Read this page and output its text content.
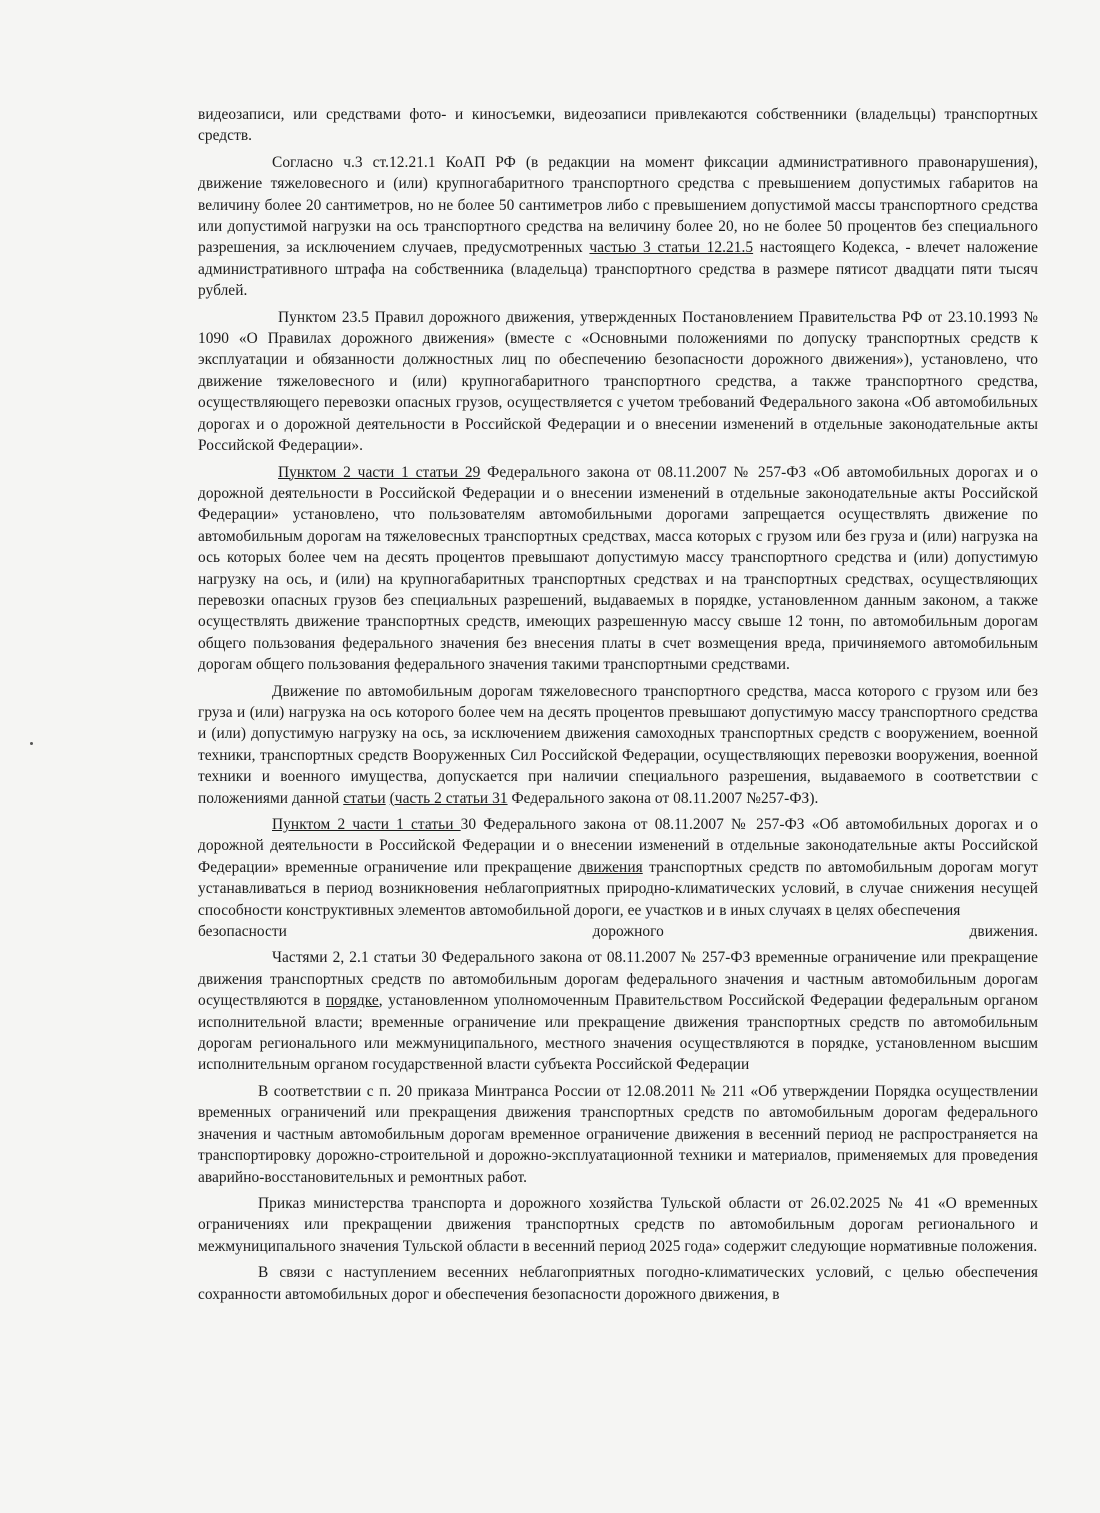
видеозаписи, или средствами фото- и киносъемки, видеозаписи привлекаются собственники (владельцы) транспортных средств.

Согласно ч.3 ст.12.21.1 КоАП РФ (в редакции на момент фиксации административного правонарушения), движение тяжеловесного и (или) крупногабаритного транспортного средства с превышением допустимых габаритов на величину более 20 сантиметров, но не более 50 сантиметров либо с превышением допустимой массы транспортного средства или допустимой нагрузки на ось транспортного средства на величину более 20, но не более 50 процентов без специального разрешения, за исключением случаев, предусмотренных частью 3 статьи 12.21.5 настоящего Кодекса, - влечет наложение административного штрафа на собственника (владельца) транспортного средства в размере пятисот двадцати пяти тысяч рублей.

Пунктом 23.5 Правил дорожного движения, утвержденных Постановлением Правительства РФ от 23.10.1993 № 1090 «О Правилах дорожного движения» (вместе с «Основными положениями по допуску транспортных средств к эксплуатации и обязанности должностных лиц по обеспечению безопасности дорожного движения»), установлено, что движение тяжеловесного и (или) крупногабаритного транспортного средства, а также транспортного средства, осуществляющего перевозки опасных грузов, осуществляется с учетом требований Федерального закона «Об автомобильных дорогах и о дорожной деятельности в Российской Федерации и о внесении изменений в отдельные законодательные акты Российской Федерации».

Пунктом 2 части 1 статьи 29 Федерального закона от 08.11.2007 № 257-ФЗ «Об автомобильных дорогах и о дорожной деятельности в Российской Федерации и о внесении изменений в отдельные законодательные акты Российской Федерации» установлено, что пользователям автомобильными дорогами запрещается осуществлять движение по автомобильным дорогам на тяжеловесных транспортных средствах, масса которых с грузом или без груза и (или) нагрузка на ось которых более чем на десять процентов превышают допустимую массу транспортного средства и (или) допустимую нагрузку на ось, и (или) на крупногабаритных транспортных средствах и на транспортных средствах, осуществляющих перевозки опасных грузов без специальных разрешений, выдаваемых в порядке, установленном данным законом, а также осуществлять движение транспортных средств, имеющих разрешенную массу свыше 12 тонн, по автомобильным дорогам общего пользования федерального значения без внесения платы в счет возмещения вреда, причиняемого автомобильным дорогам общего пользования федерального значения такими транспортными средствами.

Движение по автомобильным дорогам тяжеловесного транспортного средства, масса которого с грузом или без груза и (или) нагрузка на ось которого более чем на десять процентов превышают допустимую массу транспортного средства и (или) допустимую нагрузку на ось, за исключением движения самоходных транспортных средств с вооружением, военной техники, транспортных средств Вооруженных Сил Российской Федерации, осуществляющих перевозки вооружения, военной техники и военного имущества, допускается при наличии специального разрешения, выдаваемого в соответствии с положениями данной статьи (часть 2 статьи 31 Федерального закона от 08.11.2007 №257-ФЗ).

Пунктом 2 части 1 статьи 30 Федерального закона от 08.11.2007 № 257-ФЗ «Об автомобильных дорогах и о дорожной деятельности в Российской Федерации и о внесении изменений в отдельные законодательные акты Российской Федерации» временные ограничение или прекращение движения транспортных средств по автомобильным дорогам могут устанавливаться в период возникновения неблагоприятных природно-климатических условий, в случае снижения несущей способности конструктивных элементов автомобильной дороги, ее участков и в иных случаях в целях обеспечения
безопасности	дорожного	движения.

Частями 2, 2.1 статьи 30 Федерального закона от 08.11.2007 № 257-ФЗ временные ограничение или прекращение движения транспортных средств по автомобильным дорогам федерального значения и частным автомобильным дорогам осуществляются в порядке, установленном уполномоченным Правительством Российской Федерации федеральным органом исполнительной власти; временные ограничение или прекращение движения транспортных средств по автомобильным дорогам регионального или межмуниципального, местного значения осуществляются в порядке, установленном высшим исполнительным органом государственной власти субъекта Российской Федерации

В соответствии с п. 20 приказа Минтранса России от 12.08.2011 № 211 «Об утверждении Порядка осуществлении временных ограничений или прекращения движения транспортных средств по автомобильным дорогам федерального значения и частным автомобильным дорогам временное ограничение движения в весенний период не распространяется на транспортировку дорожно-строительной и дорожно-эксплуатационной техники и материалов, применяемых для проведения аварийно-восстановительных и ремонтных работ.

Приказ министерства транспорта и дорожного хозяйства Тульской области от 26.02.2025 № 41 «О временных ограничениях или прекращении движения транспортных средств по автомобильным дорогам регионального и межмуниципального значения Тульской области в весенний период 2025 года» содержит следующие нормативные положения.

В связи с наступлением весенних неблагоприятных погодно-климатических условий, с целью обеспечения сохранности автомобильных дорог и обеспечения безопасности дорожного движения, в
